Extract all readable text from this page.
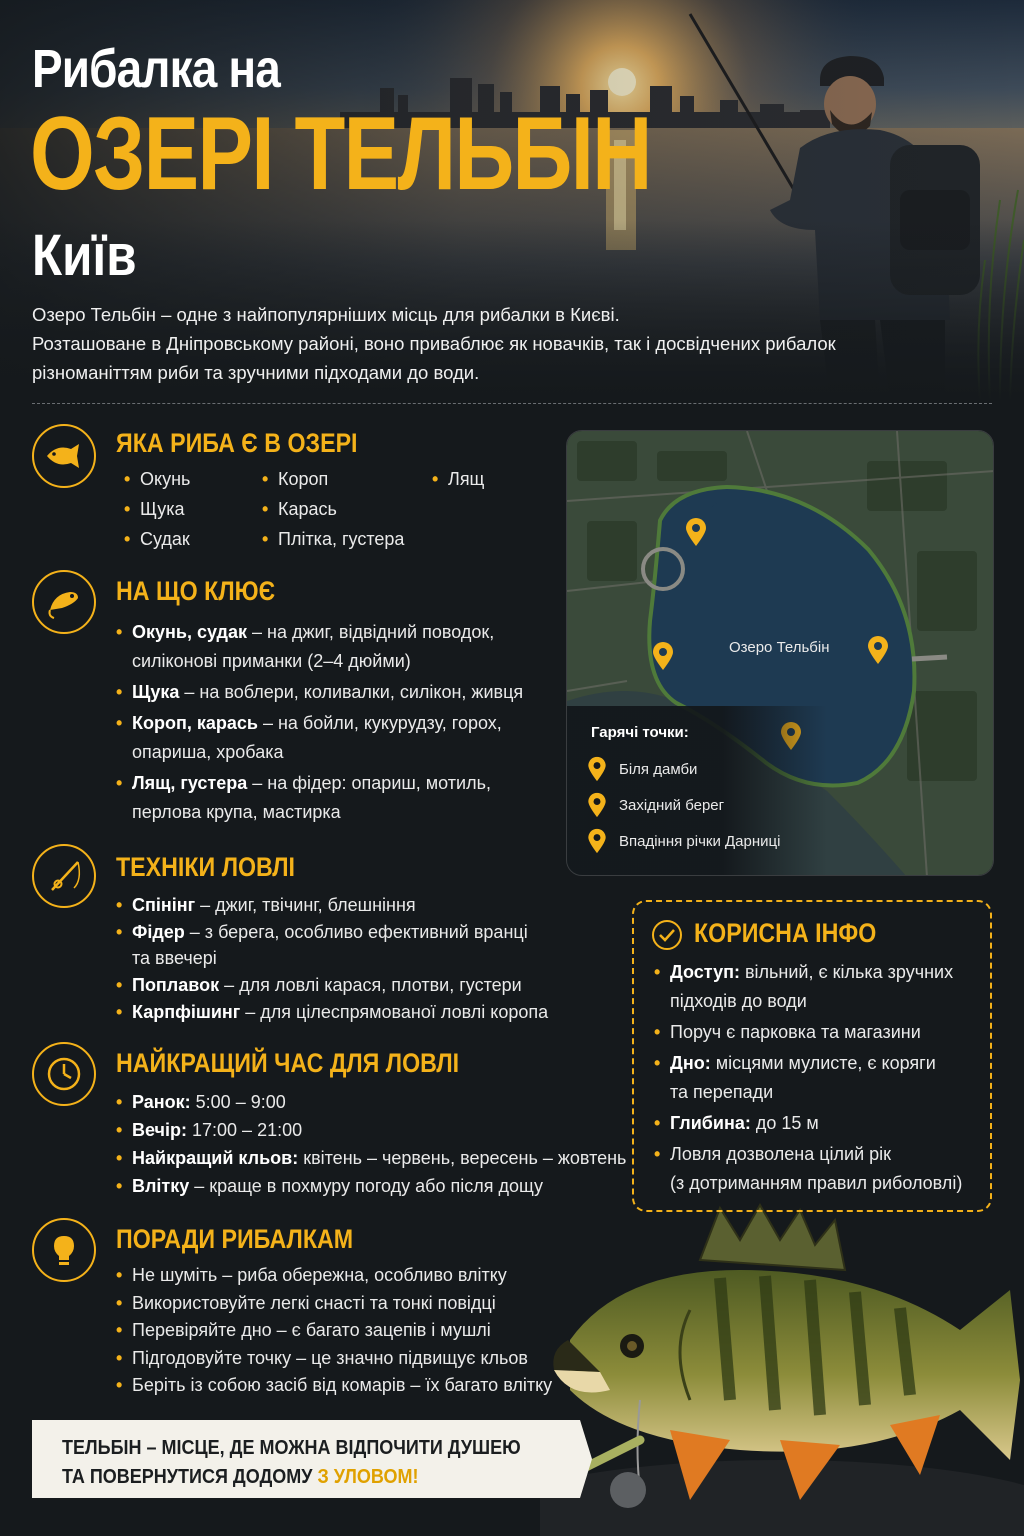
Рибалка на
ОЗЕРІ ТЕЛЬБІН
Київ
Озеро Тельбін – одне з найпопулярніших місць для рибалки в Києві.
Розташоване в Дніпровському районі, воно приваблює як новачків, так і досвідчених рибалок
різноманіттям риби та зручними підходами до води.
ЯКА РИБА Є В ОЗЕРІ
• Окунь
• Щука
• Судак
• Короп
• Карась
• Плітка, густера
• Лящ
НА ЩО КЛЮЄ
• Окунь, судак – на джиг, відвідний поводок,
силіконові приманки (2–4 дюйми)
• Щука – на воблери, коливалки, силікон, живця
• Короп, карась – на бойли, кукурудзу, горох,
опариша, хробака
• Лящ, густера – на фідер: опариш, мотиль,
перлова крупа, мастирка
ТЕХНІКИ ЛОВЛІ
• Спінінг – джиг, твічинг, блешніння
• Фідер – з берега, особливо ефективний вранці
та ввечері
• Поплавок – для ловлі карася, плотви, густери
• Карпфішинг – для цілеспрямованої ловлі коропа
НАЙКРАЩИЙ ЧАС ДЛЯ ЛОВЛІ
• Ранок: 5:00 – 9:00
• Вечір: 17:00 – 21:00
• Найкращий кльов: квітень – червень, вересень – жовтень
• Влітку – краще в похмуру погоду або після дощу
ПОРАДИ РИБАЛКАМ
• Не шуміть – риба обережна, особливо влітку
• Використовуйте легкі снасті та тонкі повідці
• Перевіряйте дно – є багато зацепів і мушлі
• Підгодовуйте точку – це значно підвищує кльов
• Беріть із собою засіб від комарів – їх багато влітку
Озеро Тельбін
Гарячі точки:
Біля дамби
Західний берег
Впадіння річки Дарниці
КОРИСНА ІНФО
• Доступ: вільний, є кілька зручних
підходів до води
• Поруч є парковка та магазини
• Дно: місцями мулисте, є коряги
та перепади
• Глибина: до 15 м
• Ловля дозволена цілий рік
(з дотриманням правил риболовлі)
ТЕЛЬБІН – МІСЦЕ, ДЕ МОЖНА ВІДПОЧИТИ ДУШЕЮ
ТА ПОВЕРНУТИСЯ ДОДОМУ З УЛОВОМ!
